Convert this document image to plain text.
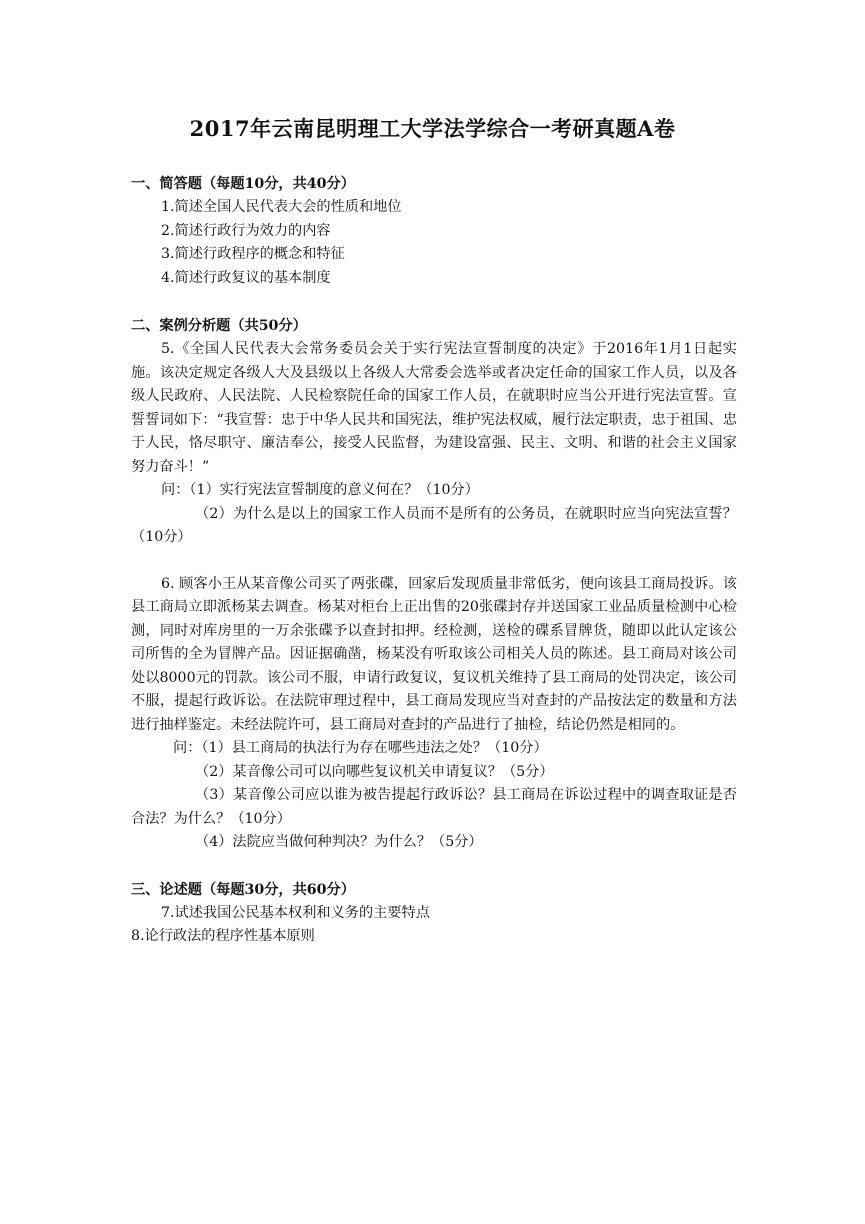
2017年云南昆明理工大学法学综合一考研真题A卷
一、简答题（每题10分，共40分）
1.简述全国人民代表大会的性质和地位
2.简述行政行为效力的内容
3.简述行政程序的概念和特征
4.简述行政复议的基本制度
二、案例分析题（共50分）

5.《全国人民代表大会常务委员会关于实行宪法宣誓制度的决定》于2016年1月1日起实施。该决定规定各级人大及县级以上各级人大常委会选举或者决定任命的国家工作人员，以及各级人民政府、人民法院、人民检察院任命的国家工作人员，在就职时应当公开进行宪法宣誓。宣誓誓词如下：“我宣誓：忠于中华人民共和国宪法，维护宪法权威，履行法定职责，忠于祖国、忠于人民，恪尽职守、廉洁奉公，接受人民监督，为建设富强、民主、文明、和谐的社会主义国家努力奋斗！”

问：（1）实行宪法宣誓制度的意义何在？（10分）

（2）为什么是以上的国家工作人员而不是所有的公务员，在就职时应当向宪法宣誓？（10分）

6. 顾客小王从某音像公司买了两张碟，回家后发现质量非常低劣，便向该县工商局投诉。该县工商局立即派杨某去调查。杨某对柜台上正出售的20张碟封存并送国家工业品质量检测中心检测，同时对库房里的一万余张碟予以查封扣押。经检测，送检的碟系冒牌货，随即以此认定该公司所售的全为冒牌产品。因证据确凿，杨某没有听取该公司相关人员的陈述。县工商局对该公司处以8000元的罚款。该公司不服，申请行政复议，复议机关维持了县工商局的处罚决定，该公司不服，提起行政诉讼。在法院审理过程中，县工商局发现应当对查封的产品按法定的数量和方法进行抽样鉴定。未经法院许可，县工商局对查封的产品进行了抽检，结论仍然是相同的。

问：（1）县工商局的执法行为存在哪些违法之处？（10分）
（2）某音像公司可以向哪些复议机关申请复议？（5分）

（3）某音像公司应以谁为被告提起行政诉讼？县工商局在诉讼过程中的调查取证是否合法？为什么？（10分）

（4）法院应当做何种判决？为什么？（5分）
三、论述题（每题30分，共60分）
7.试述我国公民基本权利和义务的主要特点
8.论行政法的程序性基本原则
